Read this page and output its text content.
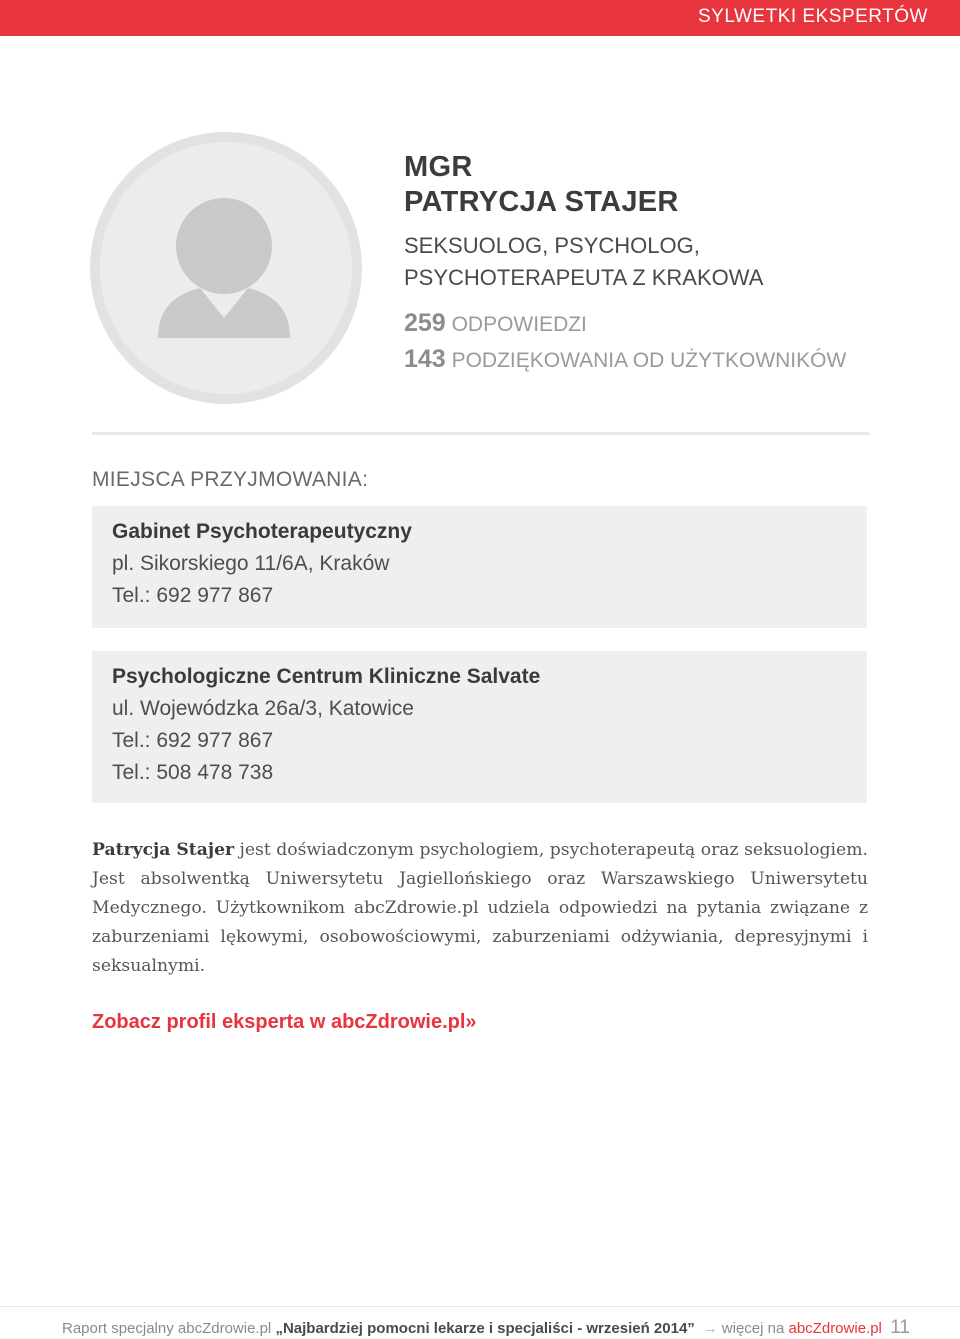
SYLWETKI EKSPERTÓW
MGR
PATRYCJA STAJER
SEKSUOLOG, PSYCHOLOG,
PSYCHOTERAPEUTA Z KRAKOWA
259 ODPOWIEDZI
143 PODZIĘKOWANIA OD UŻYTKOWNIKÓW
MIEJSCA PRZYJMOWANIA:
Gabinet Psychoterapeutyczny
pl. Sikorskiego 11/6A, Kraków
Tel.: 692 977 867
Psychologiczne Centrum Kliniczne Salvate
ul. Wojewódzka 26a/3, Katowice
Tel.: 692 977 867
Tel.: 508 478 738

Patrycja Stajer jest doświadczonym psychologiem, psychoterapeutą oraz seksuologiem. Jest absolwentką Uniwersytetu Jagiellońskiego oraz Warszawskiego Uniwersytetu Medycznego. Użytkownikom abcZdrowie.pl udziela odpowiedzi na pytania związane z zaburzeniami lękowymi, osobowościowymi, zaburzeniami odżywiania, depresyjnymi i seksualnymi.

Zobacz profil eksperta w abcZdrowie.pl»
Raport specjalny abcZdrowie.pl „Najbardziej pomocni lekarze i specjaliści - wrzesień 2014” → więcej na abcZdrowie.pl 11
